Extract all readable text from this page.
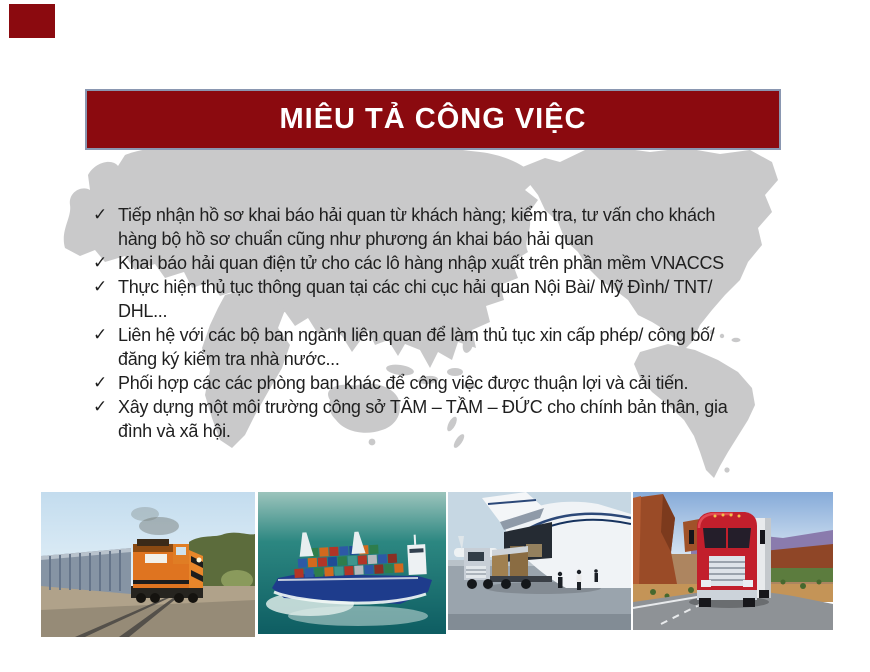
MIÊU TẢ CÔNG VIỆC
✓ Tiếp nhận hồ sơ khai báo hải quan từ khách hàng; kiểm tra, tư vấn cho khách
hàng bộ hồ sơ chuẩn cũng như phương án khai báo hải quan
✓ Khai báo hải quan điện tử cho các lô hàng nhập xuất trên phần mềm VNACCS
✓ Thực hiện thủ tục thông quan tại các chi cục hải quan Nội Bài/ Mỹ Đình/ TNT/
DHL...
✓ Liên hệ với các bộ ban ngành liên quan để làm thủ tục xin cấp phép/ công bố/
đăng ký kiểm tra nhà nước...
✓ Phối hợp các các phòng ban khác để công việc được thuận lợi và cải tiến.
✓ Xây dựng một môi trường công sở TÂM – TẦM – ĐỨC cho chính bản thân, gia
đình và xã hội.
